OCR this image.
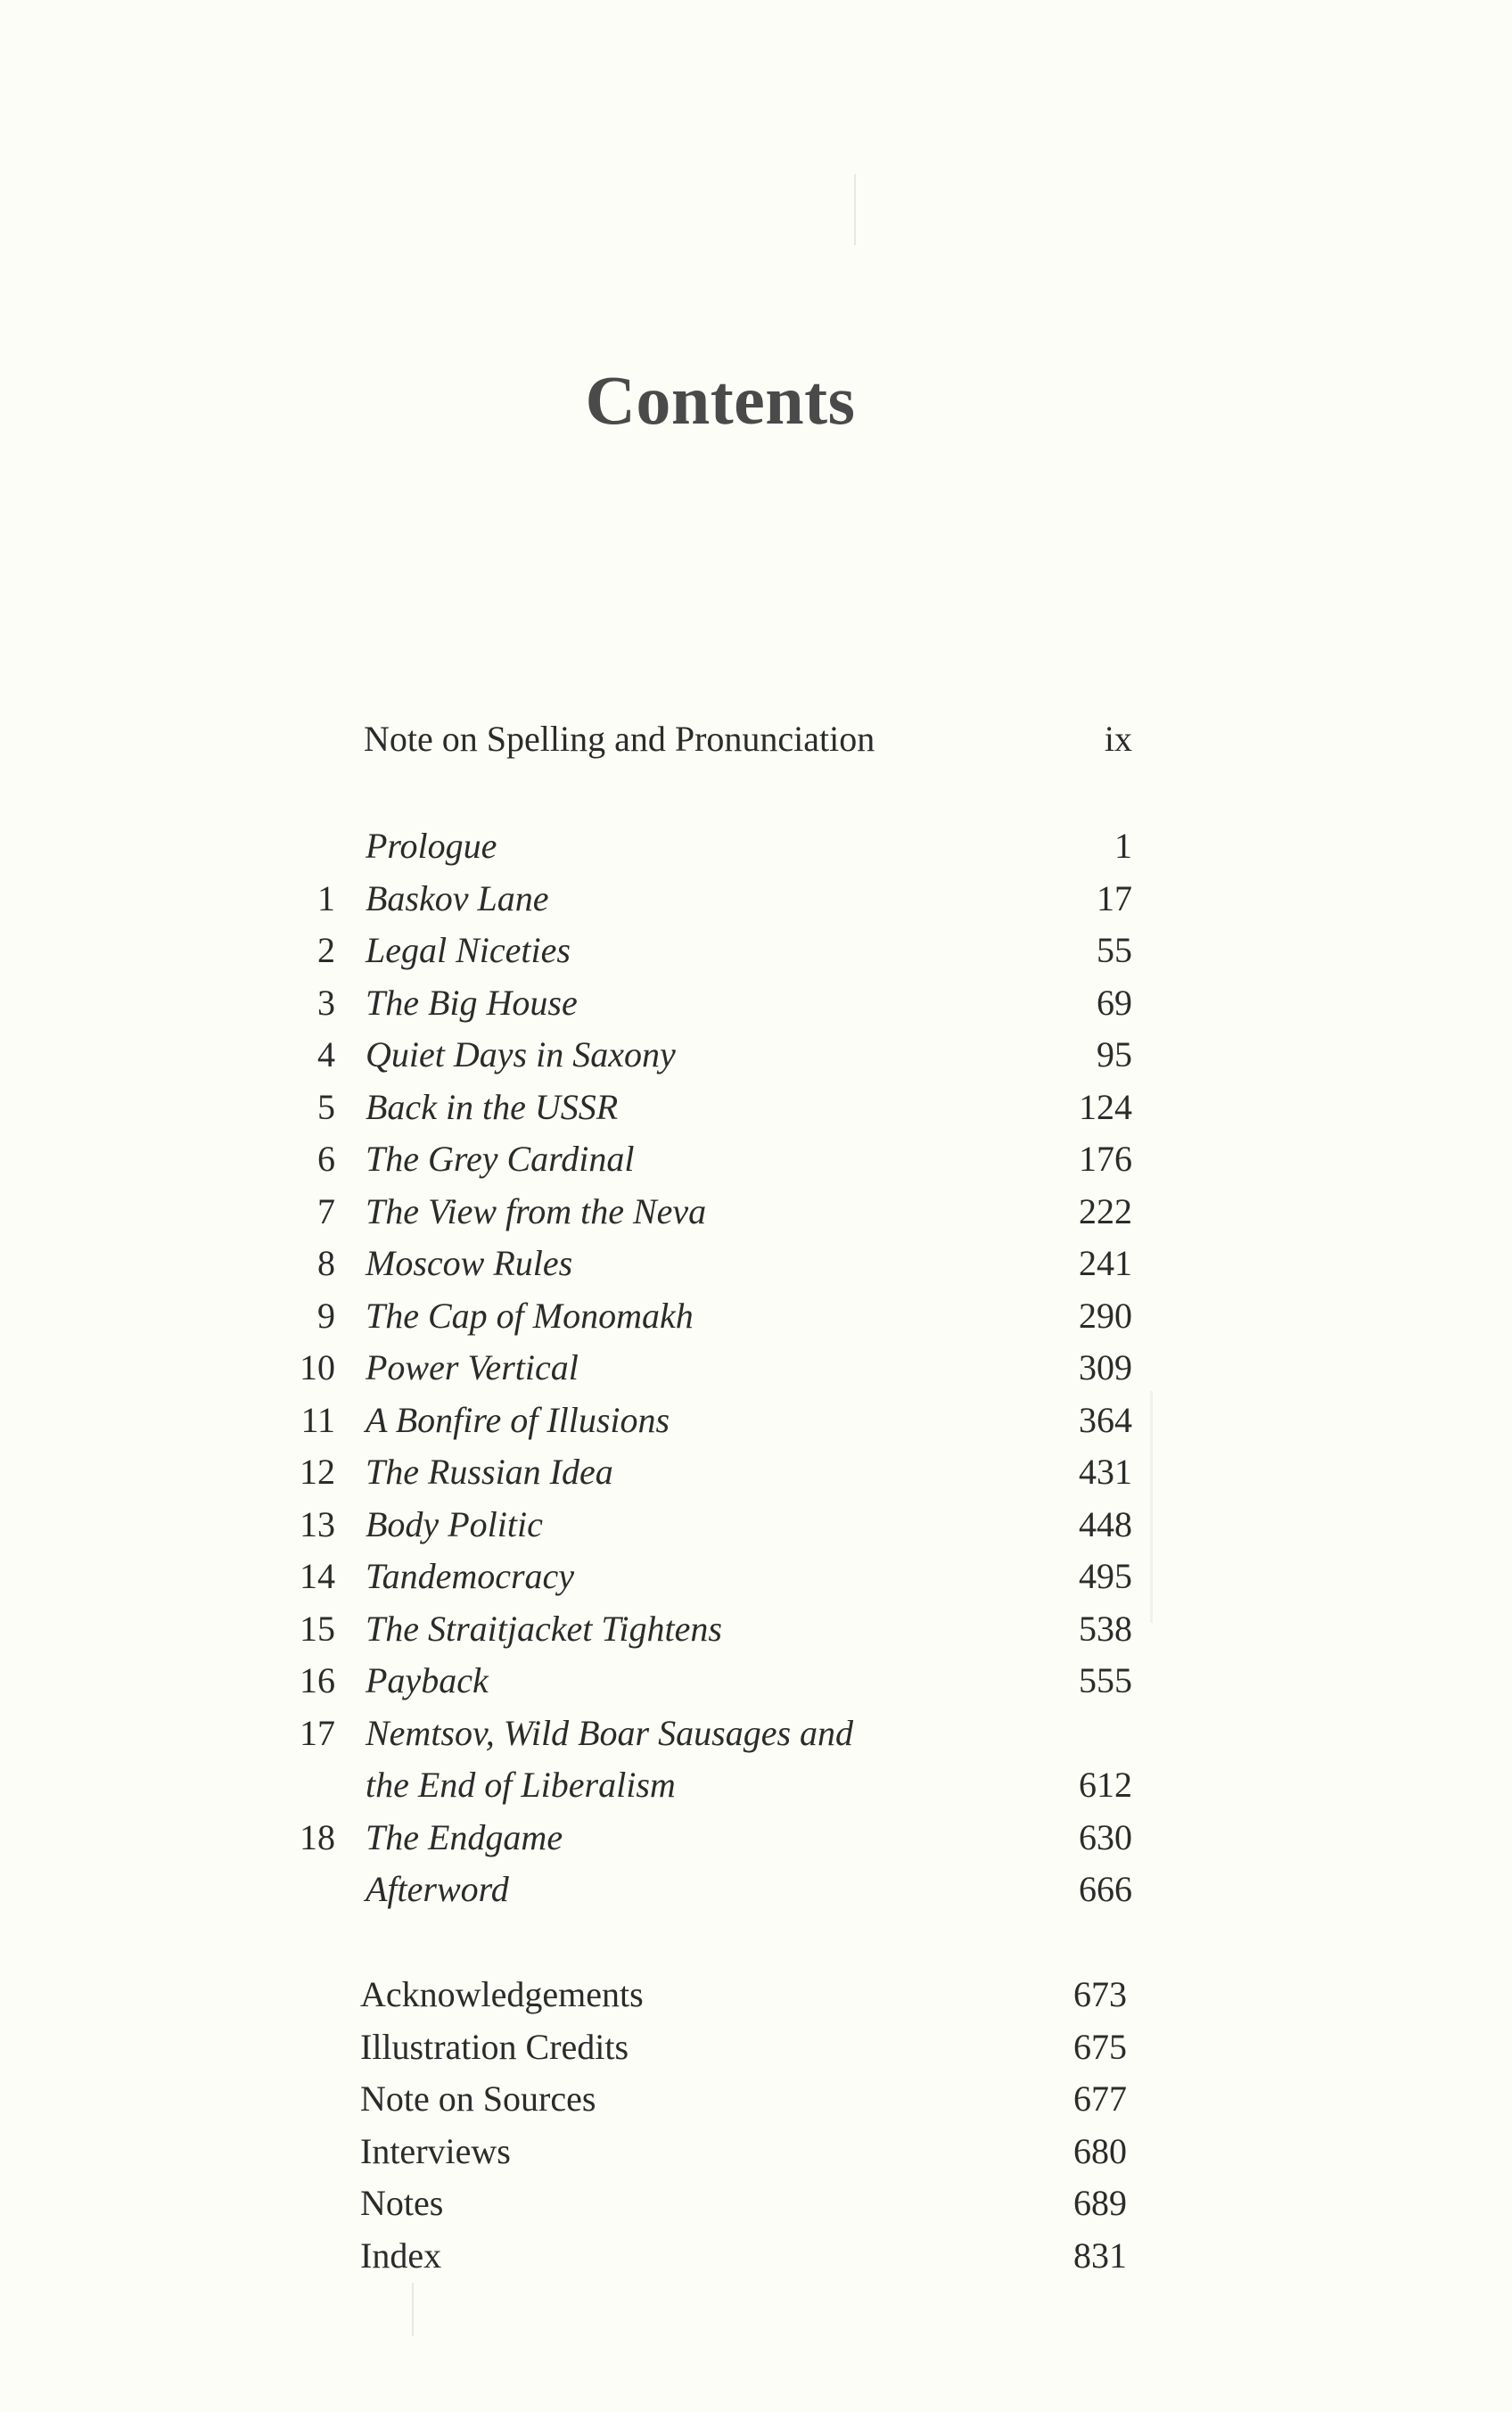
Contents
Note on Spelling and Pronunciation	ix
Prologue	1
1 Baskov Lane	17
2 Legal Niceties	55
3 The Big House	69
4 Quiet Days in Saxony	95
5 Back in the USSR	124
6 The Grey Cardinal	176
7 The View from the Neva	222
8 Moscow Rules	241
9 The Cap of Monomakh	290
10 Power Vertical	309
11 A Bonfire of Illusions	364
12 The Russian Idea	431
13 Body Politic	448
14 Tandemocracy	495
15 The Straitjacket Tightens	538
16 Payback	555
17 Nemtsov, Wild Boar Sausages and
the End of Liberalism	612
18 The Endgame	630
Afterword	666
Acknowledgements	673
Illustration Credits	675
Note on Sources	677
Interviews	680
Notes	689
Index	831
